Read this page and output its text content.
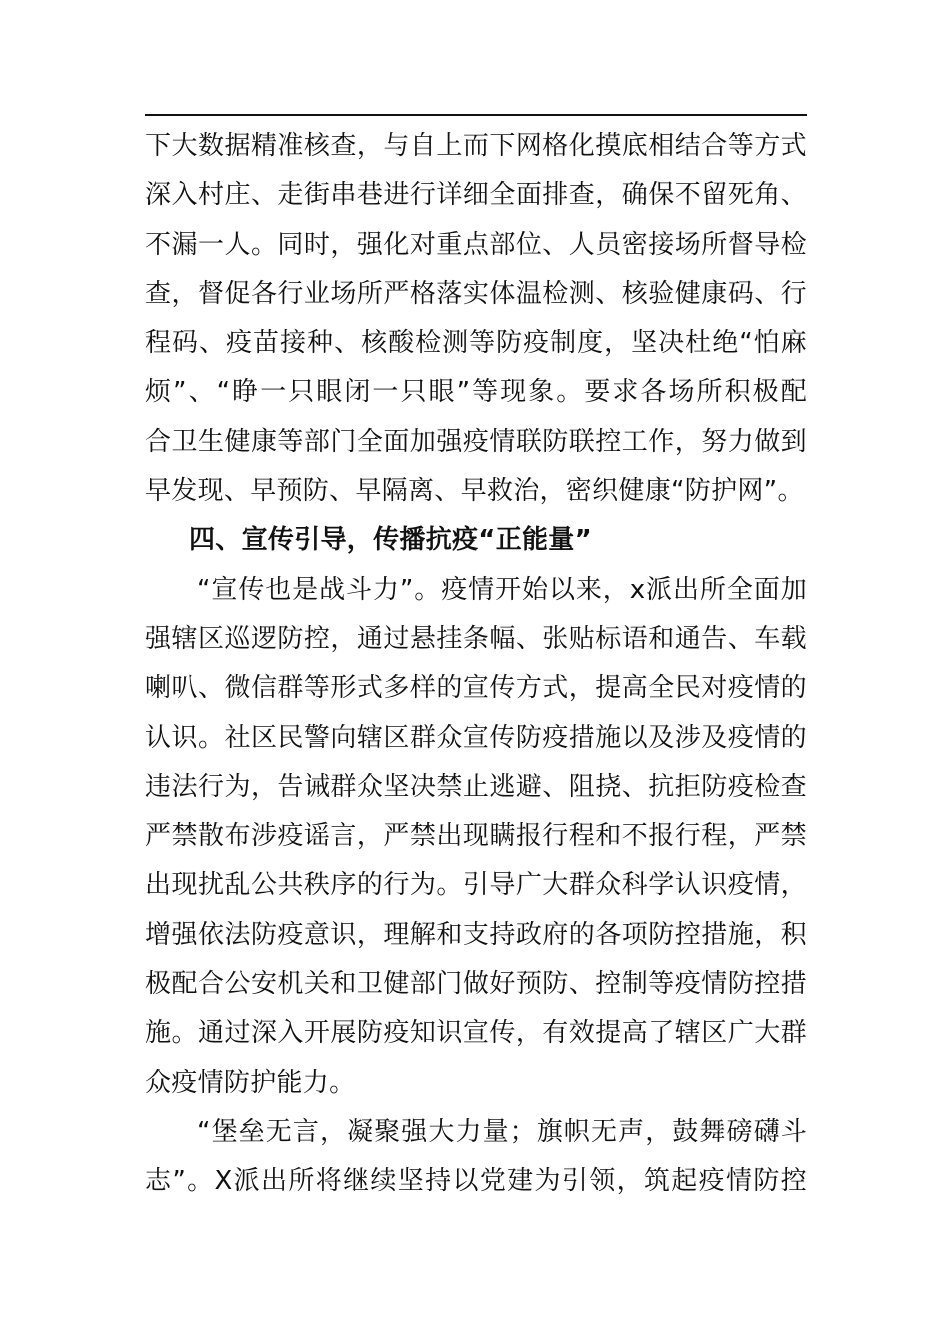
下大数据精准核查，与自上而下网格化摸底相结合等方式
深入村庄、走街串巷进行详细全面排查，确保不留死角、
不漏一人。同时，强化对重点部位、人员密接场所督导检
查，督促各行业场所严格落实体温检测、核验健康码、行
程码、疫苗接种、核酸检测等防疫制度，坚决杜绝“怕麻
烦”、“睁一只眼闭一只眼”等现象。要求各场所积极配
合卫生健康等部门全面加强疫情联防联控工作，努力做到
早发现、早预防、早隔离、早救治，密织健康“防护网”。
四、宣传引导，传播抗疫“正能量”
“宣传也是战斗力”。疫情开始以来，x派出所全面加
强辖区巡逻防控，通过悬挂条幅、张贴标语和通告、车载
喇叭、微信群等形式多样的宣传方式，提高全民对疫情的
认识。社区民警向辖区群众宣传防疫措施以及涉及疫情的
违法行为，告诫群众坚决禁止逃避、阻挠、抗拒防疫检查
严禁散布涉疫谣言，严禁出现瞒报行程和不报行程，严禁
出现扰乱公共秩序的行为。引导广大群众科学认识疫情，
增强依法防疫意识，理解和支持政府的各项防控措施，积
极配合公安机关和卫健部门做好预防、控制等疫情防控措
施。通过深入开展防疫知识宣传，有效提高了辖区广大群
众疫情防护能力。
“堡垒无言，凝聚强大力量；旗帜无声，鼓舞磅礴斗
志”。X派出所将继续坚持以党建为引领，筑起疫情防控
